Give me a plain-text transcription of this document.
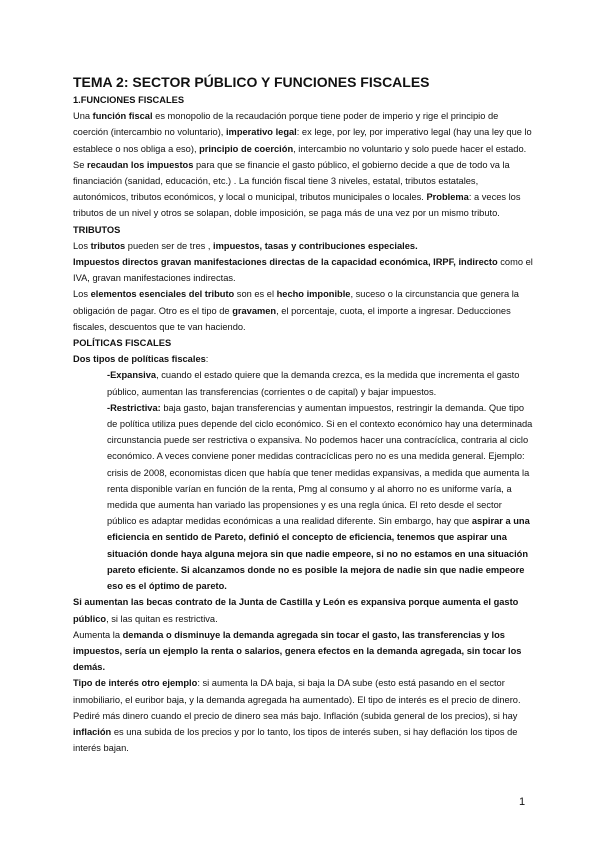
TEMA 2: SECTOR PÚBLICO Y FUNCIONES FISCALES

1.FUNCIONES FISCALES

Una función fiscal es monopolio de la recaudación porque tiene poder de imperio y rige el principio de coerción (intercambio no voluntario), imperativo legal: ex lege, por ley, por imperativo legal (hay una ley que lo establece o nos obliga a eso), principio de coerción, intercambio no voluntario y solo puede hacer el estado. Se recaudan los impuestos para que se financie el gasto público, el gobierno decide a que de todo va la financiación (sanidad, educación, etc.) . La función fiscal tiene 3 niveles, estatal, tributos estatales, autonómicos, tributos económicos, y local o municipal, tributos municipales o locales. Problema: a veces los tributos de un nivel y otros se solapan, doble imposición, se paga más de una vez por un mismo tributo.

TRIBUTOS

Los tributos pueden ser de tres , impuestos, tasas y contribuciones especiales.

Impuestos directos gravan manifestaciones directas de la capacidad económica, IRPF, indirecto como el IVA, gravan manifestaciones indirectas.

Los elementos esenciales del tributo son es el hecho imponible, suceso o la circunstancia que genera la obligación de pagar. Otro es el tipo de gravamen, el porcentaje, cuota, el importe a ingresar. Deducciones fiscales, descuentos que te van haciendo.

POLÍTICAS FISCALES

Dos tipos de políticas fiscales:

-Expansiva, cuando el estado quiere que la demanda crezca, es la medida que incrementa el gasto público, aumentan las transferencias (corrientes o de capital) y bajar impuestos.

-Restrictiva: baja gasto, bajan transferencias y aumentan impuestos, restringir la demanda. Que tipo de política utiliza pues depende del ciclo económico. Si en el contexto económico hay una determinada circunstancia puede ser restrictiva o expansiva. No podemos hacer una contracíclica, contraria al ciclo económico. A veces conviene poner medidas contracíclicas pero no es una medida general. Ejemplo: crisis de 2008, economistas dicen que había que tener medidas expansivas, a medida que aumenta la renta disponible varían en función de la renta, Pmg al consumo y al ahorro no es uniforme varía, a medida que aumenta han variado las propensiones y es una regla única. El reto desde el sector público es adaptar medidas económicas a una realidad diferente. Sin embargo, hay que aspirar a una eficiencia en sentido de Pareto, definió el concepto de eficiencia, tenemos que aspirar una situación donde haya alguna mejora sin que nadie empeore, si no no estamos en una situación pareto eficiente. Si alcanzamos donde no es posible la mejora de nadie sin que nadie empeore eso es el óptimo de pareto.

Si aumentan las becas contrato de la Junta de Castilla y León es expansiva porque aumenta el gasto público, si las quitan es restrictiva.

Aumenta la demanda o disminuye la demanda agregada sin tocar el gasto, las transferencias y los impuestos, sería un ejemplo la renta o salarios, genera efectos en la demanda agregada, sin tocar los demás.

Tipo de interés otro ejemplo: si aumenta la DA baja, si baja la DA sube (esto está pasando en el sector inmobiliario, el euribor baja, y la demanda agregada ha aumentado). El tipo de interés es el precio de dinero. Pediré más dinero cuando el precio de dinero sea más bajo. Inflación (subida general de los precios), si hay inflación es una subida de los precios y por lo tanto, los tipos de interés suben, si hay deflación los tipos de interés bajan.

1
